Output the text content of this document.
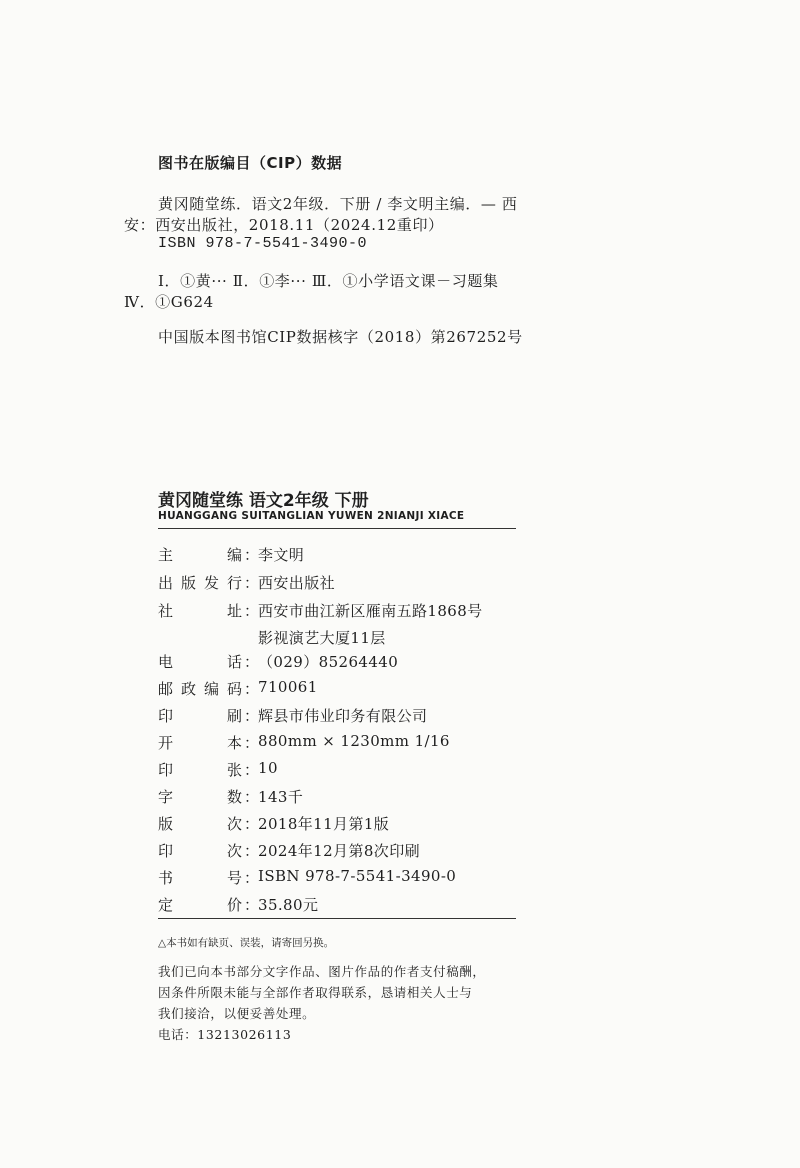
图书在版编目（CIP）数据
黄冈随堂练．语文2年级．下册 / 李文明主编．— 西
安：西安出版社，2018.11（2024.12重印）
ISBN 978-7-5541-3490-0
Ⅰ．①黄··· Ⅱ．①李··· Ⅲ．①小学语文课－习题集
Ⅳ．①G624
中国版本图书馆CIP数据核字（2018）第267252号
黄冈随堂练 语文2年级 下册
HUANGGANG SUITANGLIAN YUWEN 2NIANJI XIACE
主编 ：
李文明
出版发行 ：
西安出版社
社址 ：
西安市曲江新区雁南五路1868号
影视演艺大厦11层
电话 ：
（029）85264440
邮政编码 ：
710061
印刷 ：
辉县市伟业印务有限公司
开本 ：
880mm × 1230mm 1/16
印张 ：
10
字数 ：
143千
版次 ：
2018年11月第1版
印次 ：
2024年12月第8次印刷
书号 ：
ISBN 978-7-5541-3490-0
定价 ：
35.80元
△本书如有缺页、误装，请寄回另换。
我们已向本书部分文字作品、图片作品的作者支付稿酬，
因条件所限未能与全部作者取得联系，恳请相关人士与
我们接洽，以便妥善处理。
电话：13213026113
